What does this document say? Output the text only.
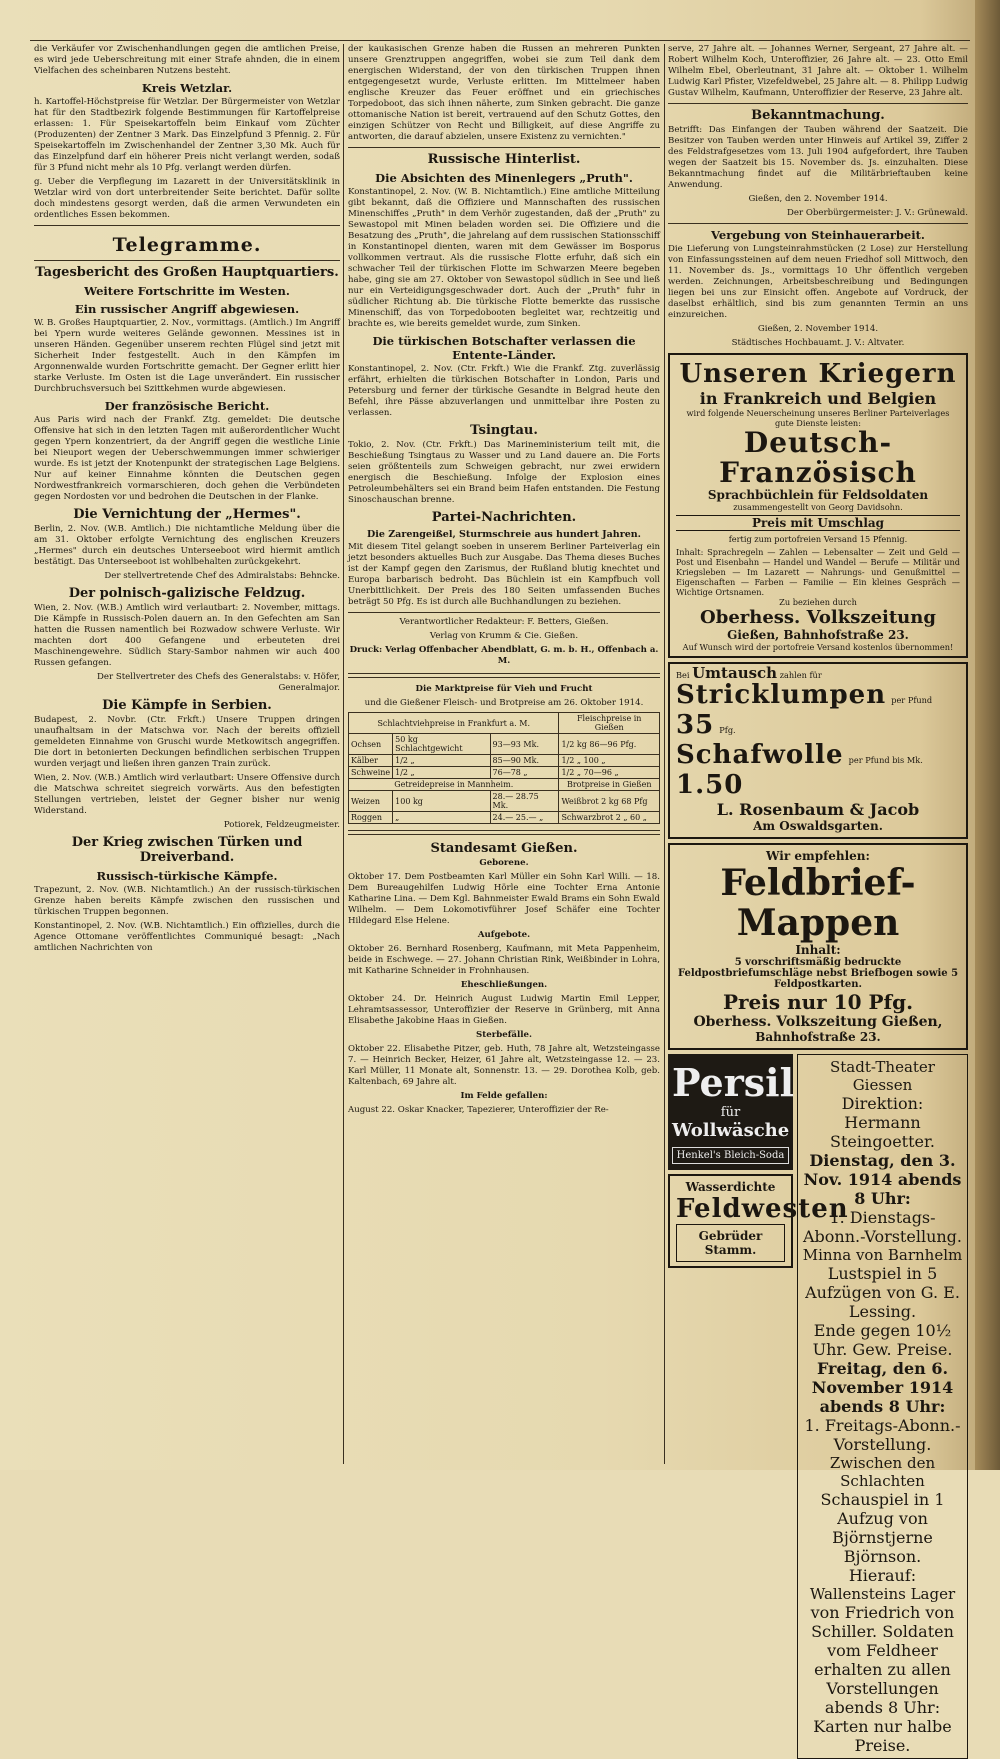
die Verkäufer vor Zwischenhandlungen gegen die amtlichen Preise, es wird jede Ueberschreitung mit einer Strafe ahnden, die in einem Vielfachen des scheinbaren Nutzens besteht.

Kreis Wetzlar.

h. Kartoffel-Höchstpreise für Wetzlar. Der Bürgermeister von Wetzlar hat für den Stadtbezirk folgende Bestimmungen für Kartoffelpreise erlassen: 1. Für Speisekartoffeln beim Einkauf vom Züchter (Produzenten) der Zentner 3 Mark. Das Einzelpfund 3 Pfennig. 2. Für Speisekartoffeln im Zwischenhandel der Zentner 3,30 Mk. Auch für das Einzelpfund darf ein höherer Preis nicht verlangt werden, sodaß für 3 Pfund nicht mehr als 10 Pfg. verlangt werden dürfen.

g. Ueber die Verpflegung im Lazarett in der Universitätsklinik in Wetzlar wird von dort unterbreitender Seite berichtet. Dafür sollte doch mindestens gesorgt werden, daß die armen Verwundeten ein ordentliches Essen bekommen.

Telegramme.
Tagesbericht des Großen Hauptquartiers.
Weitere Fortschritte im Westen.
Ein russischer Angriff abgewiesen.

W. B. Großes Hauptquartier, 2. Nov., vormittags. (Amtlich.) Im Angriff bei Ypern wurde weiteres Gelände gewonnen. Messines ist in unseren Händen. Gegenüber unserem rechten Flügel sind jetzt mit Sicherheit Inder festgestellt. Auch in den Kämpfen im Argonnenwalde wurden Fortschritte gemacht. Der Gegner erlitt hier starke Verluste. Im Osten ist die Lage unverändert. Ein russischer Durchbruchsversuch bei Szittkehmen wurde abgewiesen.

Der französische Bericht.

Aus Paris wird nach der Frankf. Ztg. gemeldet: Die deutsche Offensive hat sich in den letzten Tagen mit außerordentlicher Wucht gegen Ypern konzentriert, da der Angriff gegen die westliche Linie bei Nieuport wegen der Ueberschwemmungen immer schwieriger wurde. Es ist jetzt der Knotenpunkt der strategischen Lage Belgiens. Nur auf keiner Einnahme könnten die Deutschen gegen Nordwestfrankreich vormarschieren, doch gehen die Verbündeten gegen Nordosten vor und bedrohen die Deutschen in der Flanke.

Die Vernichtung der „Hermes".

Berlin, 2. Nov. (W.B. Amtlich.) Die nichtamtliche Meldung über die am 31. Oktober erfolgte Vernichtung des englischen Kreuzers „Hermes" durch ein deutsches Unterseeboot wird hiermit amtlich bestätigt. Das Unterseeboot ist wohlbehalten zurückgekehrt.

Der stellvertretende Chef des Admiralstabs: Behncke.

Der polnisch-galizische Feldzug.

Wien, 2. Nov. (W.B.) Amtlich wird verlautbart: 2. November, mittags. Die Kämpfe in Russisch-Polen dauern an. In den Gefechten am San hatten die Russen namentlich bei Rozwadow schwere Verluste. Wir machten dort 400 Gefangene und erbeuteten drei Maschinengewehre. Südlich Stary-Sambor nahmen wir auch 400 Russen gefangen.

Der Stellvertreter des Chefs des Generalstabs: v. Höfer, Generalmajor.

Die Kämpfe in Serbien.

Budapest, 2. Novbr. (Ctr. Frkft.) Unsere Truppen dringen unaufhaltsam in der Matschwa vor. Nach der bereits offiziell gemeldeten Einnahme von Gruschi wurde Metkowitsch angegriffen. Die dort in betonierten Deckungen befindlichen serbischen Truppen wurden verjagt und ließen ihren ganzen Train zurück.

Wien, 2. Nov. (W.B.) Amtlich wird verlautbart: Unsere Offensive durch die Matschwa schreitet siegreich vorwärts. Aus den befestigten Stellungen vertrieben, leistet der Gegner bisher nur wenig Widerstand.

Potiorek, Feldzeugmeister.

Der Krieg zwischen Türken und Dreiverband.
Russisch-türkische Kämpfe.

Trapezunt, 2. Nov. (W.B. Nichtamtlich.) An der russisch-türkischen Grenze haben bereits Kämpfe zwischen den russischen und türkischen Truppen begonnen.

Konstantinopel, 2. Nov. (W.B. Nichtamtlich.) Ein offizielles, durch die Agence Ottomane veröffentlichtes Communiqué besagt: „Nach amtlichen Nachrichten von

der kaukasischen Grenze haben die Russen an mehreren Punkten unsere Grenztruppen angegriffen, wobei sie zum Teil dank dem energischen Widerstand, der von den türkischen Truppen ihnen entgegengesetzt wurde, Verluste erlitten. Im Mittelmeer haben englische Kreuzer das Feuer eröffnet und ein griechisches Torpedoboot, das sich ihnen näherte, zum Sinken gebracht. Die ganze ottomanische Nation ist bereit, vertrauend auf den Schutz Gottes, den einzigen Schützer von Recht und Billigkeit, auf diese Angriffe zu antworten, die darauf abzielen, unsere Existenz zu vernichten."

Russische Hinterlist.
Die Absichten des Minenlegers „Pruth".

Konstantinopel, 2. Nov. (W. B. Nichtamtlich.) Eine amtliche Mitteilung gibt bekannt, daß die Offiziere und Mannschaften des russischen Minenschiffes „Pruth" in dem Verhör zugestanden, daß der „Pruth" zu Sewastopol mit Minen beladen worden sei. Die Offiziere und die Besatzung des „Pruth", die jahrelang auf dem russischen Stationsschiff in Konstantinopel dienten, waren mit dem Gewässer im Bosporus vollkommen vertraut. Als die russische Flotte erfuhr, daß sich ein schwacher Teil der türkischen Flotte im Schwarzen Meere begeben habe, ging sie am 27. Oktober von Sewastopol südlich in See und ließ nur ein Verteidigungsgeschwader dort. Auch der „Pruth" fuhr in südlicher Richtung ab. Die türkische Flotte bemerkte das russische Minenschiff, das von Torpedobooten begleitet war, rechtzeitig und brachte es, wie bereits gemeldet wurde, zum Sinken.

Die türkischen Botschafter verlassen die Entente-Länder.

Konstantinopel, 2. Nov. (Ctr. Frkft.) Wie die Frankf. Ztg. zuverlässig erfährt, erhielten die türkischen Botschafter in London, Paris und Petersburg und ferner der türkische Gesandte in Belgrad heute den Befehl, ihre Pässe abzuverlangen und unmittelbar ihre Posten zu verlassen.

Tsingtau.

Tokio, 2. Nov. (Ctr. Frkft.) Das Marineministerium teilt mit, die Beschießung Tsingtaus zu Wasser und zu Land dauere an. Die Forts seien größtenteils zum Schweigen gebracht, nur zwei erwidern energisch die Beschießung. Infolge der Explosion eines Petroleumbehälters sei ein Brand beim Hafen entstanden. Die Festung Sinoschauschan brenne.

Partei-Nachrichten.
Die Zarengeißel, Sturmschreie aus hundert Jahren.

Mit diesem Titel gelangt soeben in unserem Berliner Parteiverlag ein jetzt besonders aktuelles Buch zur Ausgabe. Das Thema dieses Buches ist der Kampf gegen den Zarismus, der Rußland blutig knechtet und Europa barbarisch bedroht. Das Büchlein ist ein Kampfbuch voll Unerbittlichkeit. Der Preis des 180 Seiten umfassenden Buches beträgt 50 Pfg. Es ist durch alle Buchhandlungen zu beziehen.

Verantwortlicher Redakteur: F. Betters, Gießen.

Verlag von Krumm & Cie. Gießen.

Druck: Verlag Offenbacher Abendblatt, G. m. b. H., Offenbach a. M.

Die Marktpreise für Vieh und Frucht

und die Gießener Fleisch- und Brotpreise am 26. Oktober 1914.

Schlachtviehpreise in Frankfurt a. M.			Fleischpreise in Gießen
Ochsen	50 kg Schlachtgewicht	93—93 Mk.	1/2 kg 86—96 Pfg.
Kälber	1/2 „	85—90 Mk.	1/2 „ 100 „
Schweine	1/2 „	76—78 „	1/2 „ 70—96 „
Getreidepreise in Mannheim.			Brotpreise in Gießen
Weizen	100 kg	28.— 28.75 Mk.	Weißbrot 2 kg 68 Pfg
Roggen	„	24.— 25.— „	Schwarzbrot 2 „ 60 „
Standesamt Gießen.

Geborene.

Oktober 17. Dem Postbeamten Karl Müller ein Sohn Karl Willi. — 18. Dem Bureaugehilfen Ludwig Hörle eine Tochter Erna Antonie Katharine Lina. — Dem Kgl. Bahnmeister Ewald Brams ein Sohn Ewald Wilhelm. — Dem Lokomotivführer Josef Schäfer eine Tochter Hildegard Else Helene.

Aufgebote.

Oktober 26. Bernhard Rosenberg, Kaufmann, mit Meta Pappenheim, beide in Eschwege. — 27. Johann Christian Rink, Weißbinder in Lohra, mit Katharine Schneider in Frohnhausen.

Eheschließungen.

Oktober 24. Dr. Heinrich August Ludwig Martin Emil Lepper, Lehramtsassessor, Unteroffizier der Reserve in Grünberg, mit Anna Elisabethe Jakobine Haas in Gießen.

Sterbefälle.

Oktober 22. Elisabethe Pitzer, geb. Huth, 78 Jahre alt, Wetzsteingasse 7. — Heinrich Becker, Heizer, 61 Jahre alt, Wetzsteingasse 12. — 23. Karl Müller, 11 Monate alt, Sonnenstr. 13. — 29. Dorothea Kolb, geb. Kaltenbach, 69 Jahre alt.

Im Felde gefallen:

August 22. Oskar Knacker, Tapezierer, Unteroffizier der Re-

serve, 27 Jahre alt. — Johannes Werner, Sergeant, 27 Jahre alt. — Robert Wilhelm Koch, Unteroffizier, 26 Jahre alt. — 23. Otto Emil Wilhelm Ebel, Oberleutnant, 31 Jahre alt. — Oktober 1. Wilhelm Ludwig Karl Pfister, Vizefeldwebel, 25 Jahre alt. — 8. Philipp Ludwig Gustav Wilhelm, Kaufmann, Unteroffizier der Reserve, 23 Jahre alt.

Bekanntmachung.

Betrifft: Das Einfangen der Tauben während der Saatzeit. Die Besitzer von Tauben werden unter Hinweis auf Artikel 39, Ziffer 2 des Feldstrafgesetzes vom 13. Juli 1904 aufgefordert, ihre Tauben wegen der Saatzeit bis 15. November ds. Js. einzuhalten. Diese Bekanntmachung findet auf die Militärbrieftauben keine Anwendung.

Gießen, den 2. November 1914.

Der Oberbürgermeister: J. V.: Grünewald.

Vergebung von Steinhauerarbeit.

Die Lieferung von Lungsteinrahmstücken (2 Lose) zur Herstellung von Einfassungssteinen auf dem neuen Friedhof soll Mittwoch, den 11. November ds. Js., vormittags 10 Uhr öffentlich vergeben werden. Zeichnungen, Arbeitsbeschreibung und Bedingungen liegen bei uns zur Einsicht offen. Angebote auf Vordruck, der daselbst erhältlich, sind bis zum genannten Termin an uns einzureichen.

Gießen, 2. November 1914.

Städtisches Hochbauamt. J. V.: Altvater.

Unseren Kriegern
in Frankreich und Belgien
wird folgende Neuerscheinung unseres Berliner Parteiverlages gute Dienste leisten:
Deutsch-Französisch
Sprachbüchlein für Feldsoldaten
zusammengestellt von Georg Davidsohn.
Preis mit Umschlag
fertig zum portofreien Versand 15 Pfennig.
Inhalt: Sprachregeln — Zahlen — Lebensalter — Zeit und Geld — Post und Eisenbahn — Handel und Wandel — Berufe — Militär und Kriegsleben — Im Lazarett — Nahrungs- und Genußmittel — Eigenschaften — Farben — Familie — Ein kleines Gespräch — Wichtige Ortsnamen.
Zu beziehen durch
Oberhess. Volkszeitung
Gießen, Bahnhofstraße 23.
Auf Wunsch wird der portofreie Versand kostenlos übernommen!
Bei Umtausch zahlen für
Stricklumpen per Pfund 35 Pfg.
Schafwolle per Pfund bis Mk. 1.50
L. Rosenbaum & Jacob
Am Oswaldsgarten.
Wir empfehlen:
Feldbrief-Mappen
Inhalt:
5 vorschriftsmäßig bedruckte Feldpostbriefumschläge nebst Briefbogen sowie 5 Feldpostkarten.
Preis nur 10 Pfg.
Oberhess. Volkszeitung Gießen,
Bahnhofstraße 23.
Persil
für
Wollwäsche
Henkel's Bleich-Soda
Wasserdichte
Feldwesten
Gebrüder Stamm.
Stadt-Theater Giessen
Direktion: Hermann Steingoetter.
Dienstag, den 3. Nov. 1914 abends 8 Uhr:
1. Dienstags-Abonn.-Vorstellung.
Minna von Barnhelm
Lustspiel in 5 Aufzügen von G. E. Lessing.
Ende gegen 10½ Uhr. Gew. Preise.
Freitag, den 6. November 1914 abends 8 Uhr:
1. Freitags-Abonn.-Vorstellung.
Zwischen den Schlachten
Schauspiel in 1 Aufzug von Björnstjerne Björnson.
Hierauf:
Wallensteins Lager
von Friedrich von Schiller. Soldaten vom Feldheer erhalten zu allen Vorstellungen abends 8 Uhr: Karten nur halbe Preise.
